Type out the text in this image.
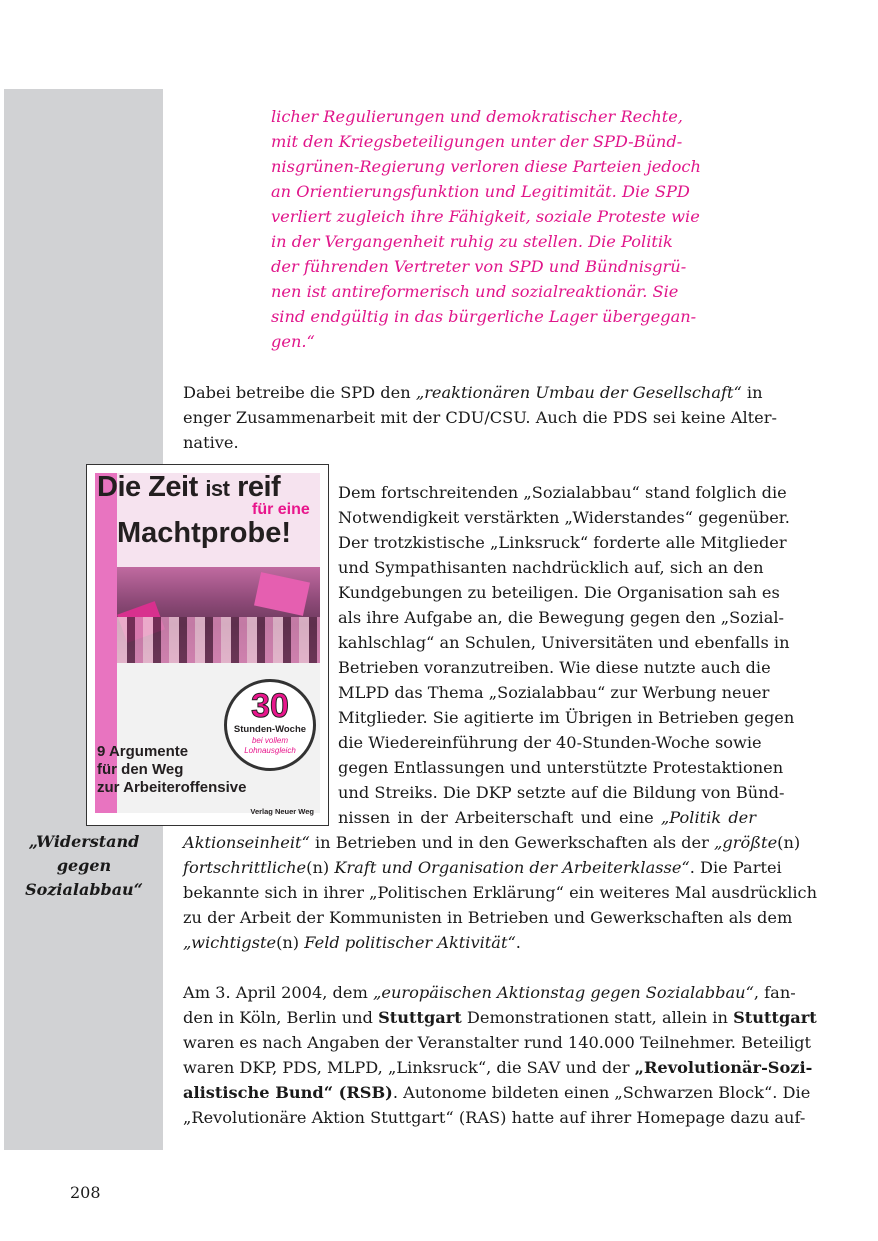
„Widerstand
gegen
Sozialabbau“
licher Regulierungen und demokratischer Rechte,
mit den Kriegsbeteiligungen unter der SPD-Bünd-
nisgrünen-Regierung verloren diese Parteien jedoch
an Orientierungsfunktion und Legitimität. Die SPD
verliert zugleich ihre Fähigkeit, soziale Proteste wie
in der Vergangenheit ruhig zu stellen. Die Politik
der führenden Vertreter von SPD und Bündnisgrü-
nen ist antireformerisch und sozialreaktionär. Sie
sind endgültig in das bürgerliche Lager übergegan-
gen.“
Dabei betreibe die SPD den „reaktionären Umbau der Gesellschaft“ in
enger Zusammenarbeit mit der CDU/CSU. Auch die PDS sei keine Alter-
native.
Die Zeit ist reif
für eine
Machtprobe!
30
Stunden-Woche
bei vollem Lohnausgleich
9 Argumente
für den Weg
zur Arbeiteroffensive
Verlag Neuer Weg
Dem fortschreitenden „Sozialabbau“ stand folglich die
Notwendigkeit verstärkten „Widerstandes“ gegenüber.
Der trotzkistische „Linksruck“ forderte alle Mitglieder
und Sympathisanten nachdrücklich auf, sich an den
Kundgebungen zu beteiligen. Die Organisation sah es
als ihre Aufgabe an, die Bewegung gegen den „Sozial-
kahlschlag“ an Schulen, Universitäten und ebenfalls in
Betrieben voranzutreiben. Wie diese nutzte auch die
MLPD das Thema „Sozialabbau“ zur Werbung neuer
Mitglieder. Sie agitierte im Übrigen in Betrieben gegen
die Wiedereinführung der 40-Stunden-Woche sowie
gegen Entlassungen und unterstützte Protestaktionen
und Streiks. Die DKP setzte auf die Bildung von Bünd-
nissen in der Arbeiterschaft und eine „Politik der
Aktionseinheit“ in Betrieben und in den Gewerkschaften als der „größte(n)
fortschrittliche(n) Kraft und Organisation der Arbeiterklasse“. Die Partei
bekannte sich in ihrer „Politischen Erklärung“ ein weiteres Mal ausdrücklich
zu der Arbeit der Kommunisten in Betrieben und Gewerkschaften als dem
„wichtigste(n) Feld politischer Aktivität“.
Am 3. April 2004, dem „europäischen Aktionstag gegen Sozialabbau“, fan-
den in Köln, Berlin und Stuttgart Demonstrationen statt, allein in Stuttgart
waren es nach Angaben der Veranstalter rund 140.000 Teilnehmer. Beteiligt
waren DKP, PDS, MLPD, „Linksruck“, die SAV und der „Revolutionär-Sozi-
alistische Bund“ (RSB). Autonome bildeten einen „Schwarzen Block“. Die
„Revolutionäre Aktion Stuttgart“ (RAS) hatte auf ihrer Homepage dazu auf-
208
